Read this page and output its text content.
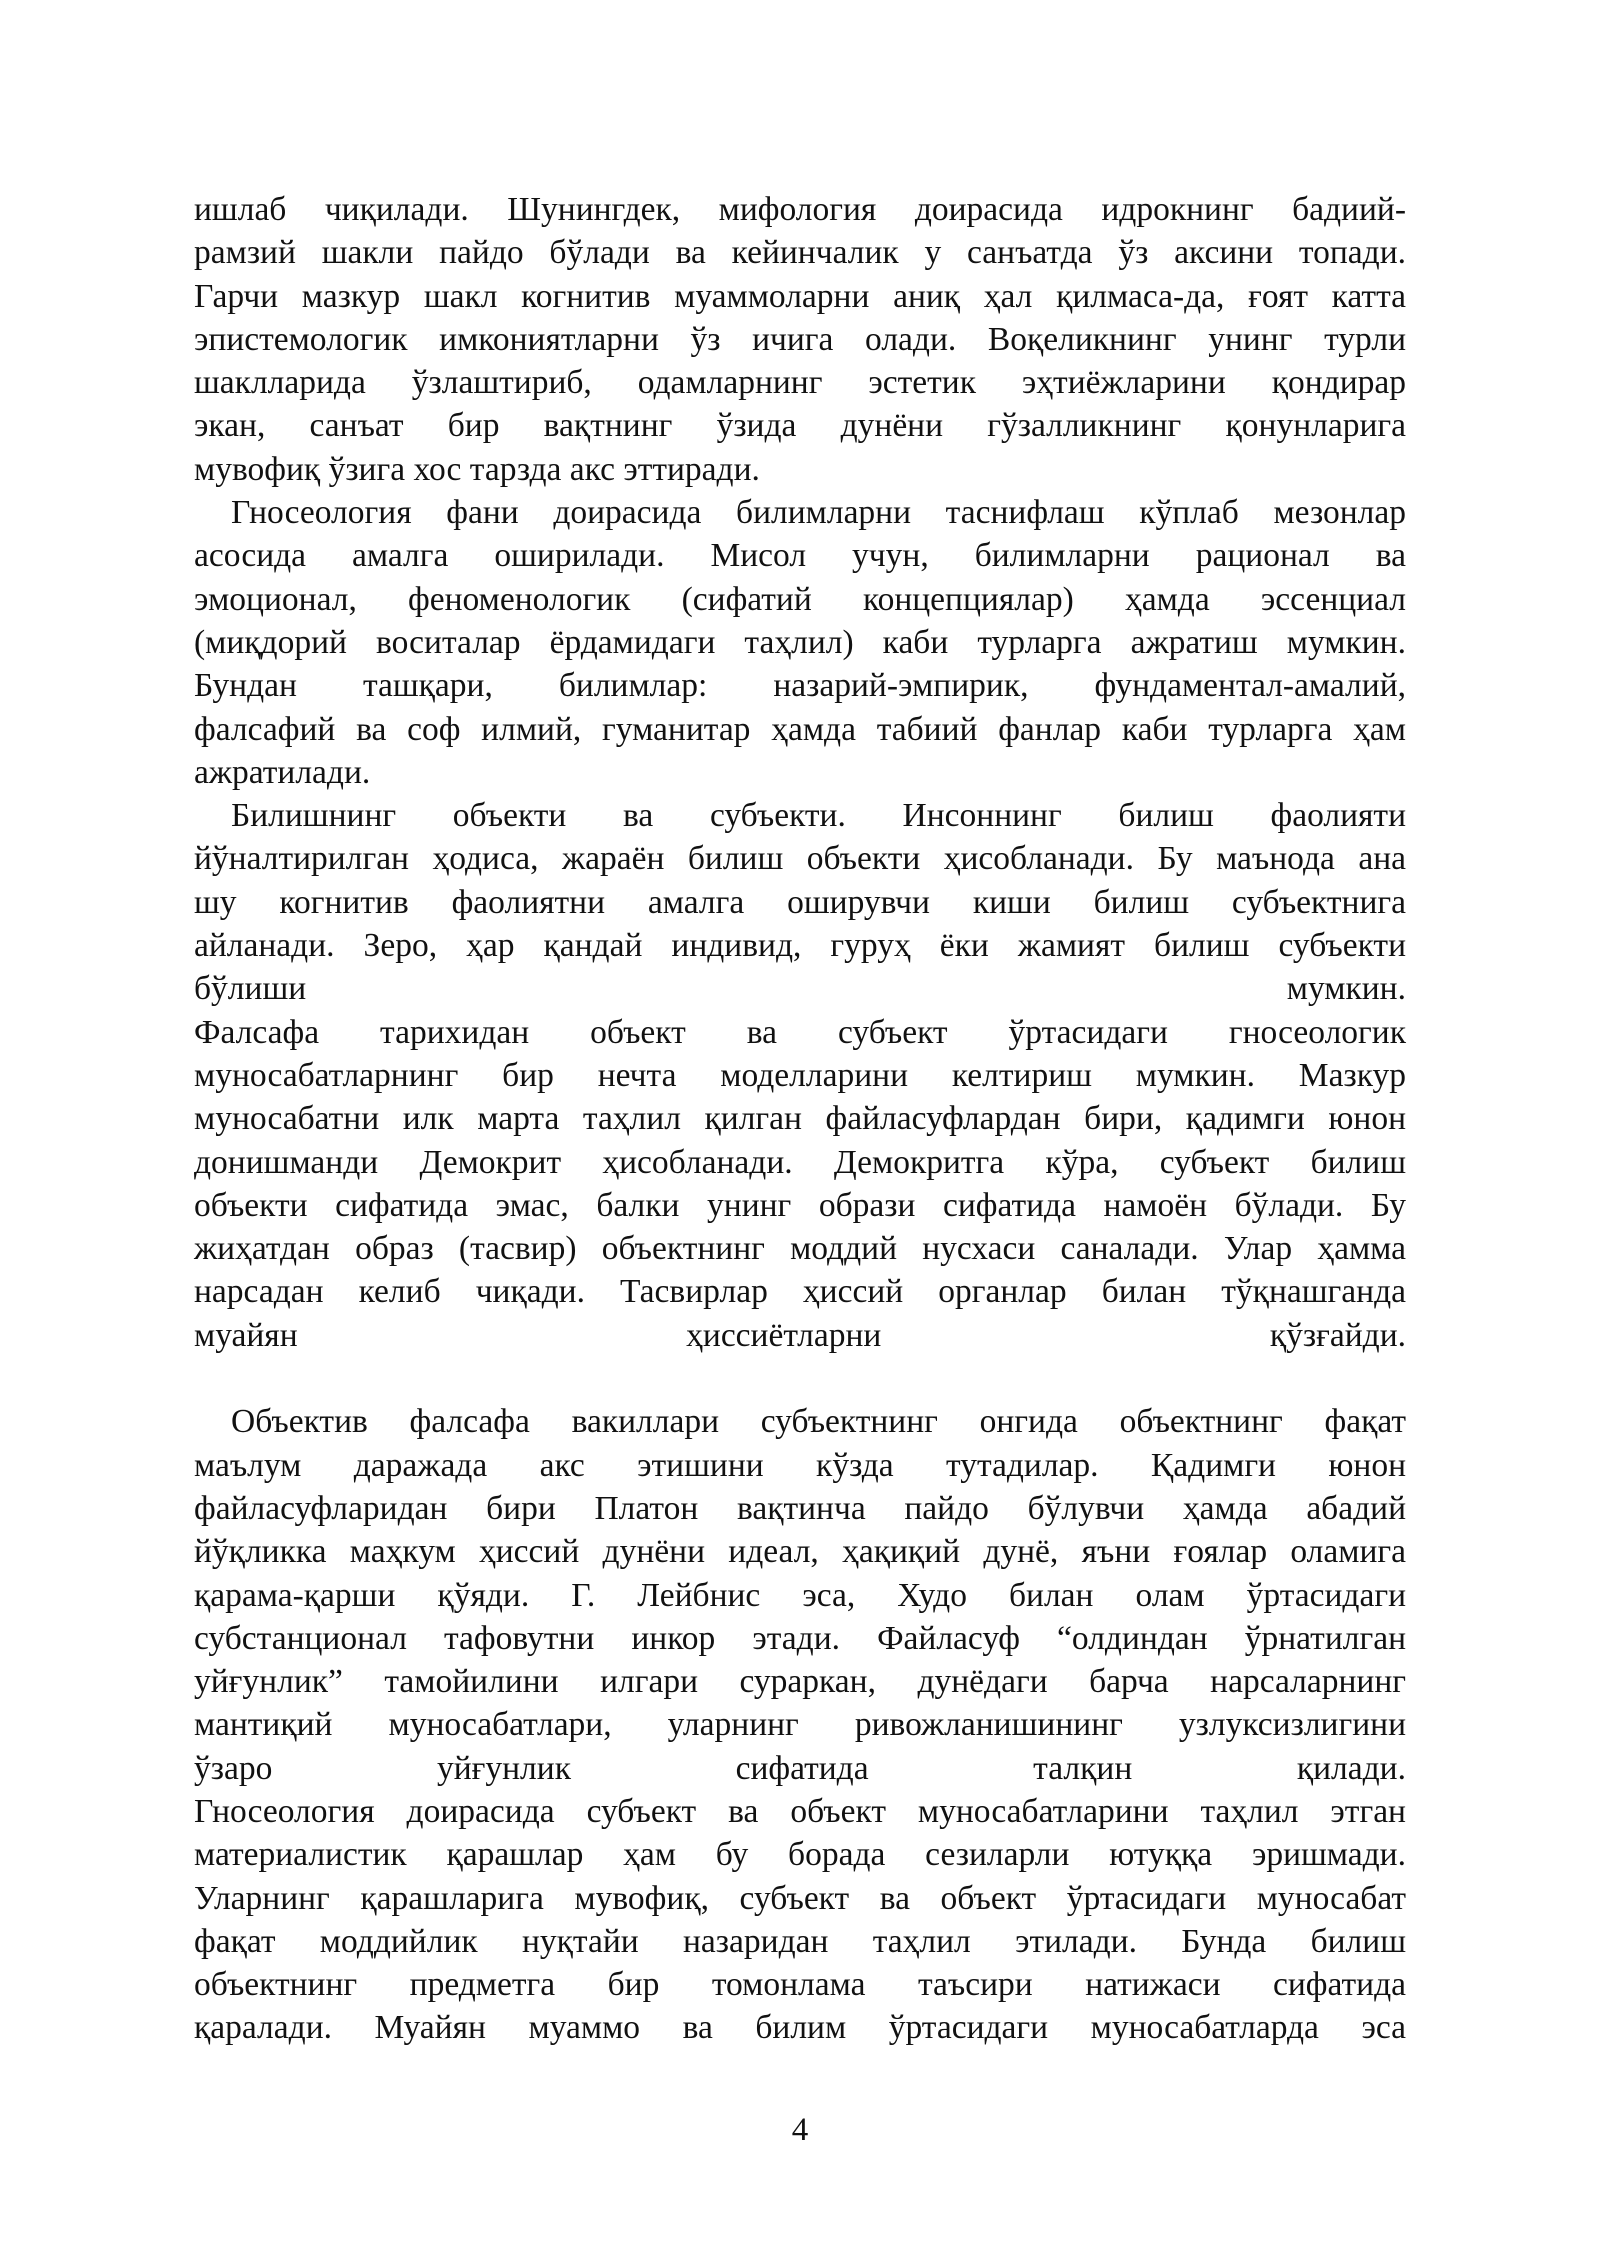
ишлаб чиқилади. Шунингдек, мифология доирасида идрокнинг бадиий-
рамзий шакли пайдо бўлади ва кейинчалик у санъатда ўз аксини топади.
Гарчи мазкур шакл когнитив муаммоларни аниқ ҳал қилмаса-да, ғоят катта
эпистемологик имкониятларни ўз ичига олади. Воқеликнинг унинг турли
шаклларида ўзлаштириб, одамларнинг эстетик эҳтиёжларини қондирар
экан, санъат бир вақтнинг ўзида дунёни гўзалликнинг қонунларига
мувофиқ ўзига хос тарзда акс эттиради.
Гносеология фани доирасида билимларни таснифлаш кўплаб мезонлар
асосида амалга оширилади. Мисол учун, билимларни рационал ва
эмоционал, феноменологик (сифатий концепциялар) ҳамда эссенциал
(миқдорий воситалар ёрдамидаги таҳлил) каби турларга ажратиш мумкин.
Бундан ташқари, билимлар: назарий-эмпирик, фундаментал-амалий,
фалсафий ва соф илмий, гуманитар ҳамда табиий фанлар каби турларга ҳам
ажратилади.
Билишнинг объекти ва субъекти. Инсоннинг билиш фаолияти
йўналтирилган ҳодиса, жараён билиш объекти ҳисобланади. Бу маънода ана
шу когнитив фаолиятни амалга оширувчи киши билиш субъектнига
айланади. Зеро, ҳар қандай индивид, гуруҳ ёки жамият билиш субъекти
бўлиши мумкин.
Фалсафа тарихидан объект ва субъект ўртасидаги гносеологик
муносабатларнинг бир нечта моделларини келтириш мумкин. Мазкур
муносабатни илк марта таҳлил қилган файласуфлардан бири, қадимги юнон
донишманди Демокрит ҳисобланади. Демокритга кўра, субъект билиш
объекти сифатида эмас, балки унинг образи сифатида намоён бўлади. Бу
жиҳатдан образ (тасвир) объектнинг моддий нусхаси саналади. Улар ҳамма
нарсадан келиб чиқади. Тасвирлар ҳиссий органлар билан тўқнашганда
муайян ҳиссиётларни қўзғайди.
Объектив фалсафа вакиллари субъектнинг онгида объектнинг фақат
маълум даражада акс этишини кўзда тутадилар. Қадимги юнон
файласуфларидан бири Платон вақтинча пайдо бўлувчи ҳамда абадий
йўқликка маҳкум ҳиссий дунёни идеал, ҳақиқий дунё, яъни ғоялар оламига
қарама-қарши қўяди. Г. Лейбнис эса, Худо билан олам ўртасидаги
субстанционал тафовутни инкор этади. Файласуф “олдиндан ўрнатилган
уйғунлик” тамойилини илгари сураркан, дунёдаги барча нарсаларнинг
мантиқий муносабатлари, уларнинг ривожланишининг узлуксизлигини
ўзаро уйғунлик сифатида талқин қилади.
Гносеология доирасида субъект ва объект муносабатларини таҳлил этган
материалистик қарашлар ҳам бу борада сезиларли ютуққа эришмади.
Уларнинг қарашларига мувофиқ, субъект ва объект ўртасидаги муносабат
фақат моддийлик нуқтайи назаридан таҳлил этилади. Бунда билиш
объектнинг предметга бир томонлама таъсири натижаси сифатида
қаралади. Муайян муаммо ва билим ўртасидаги муносабатларда эса
4
